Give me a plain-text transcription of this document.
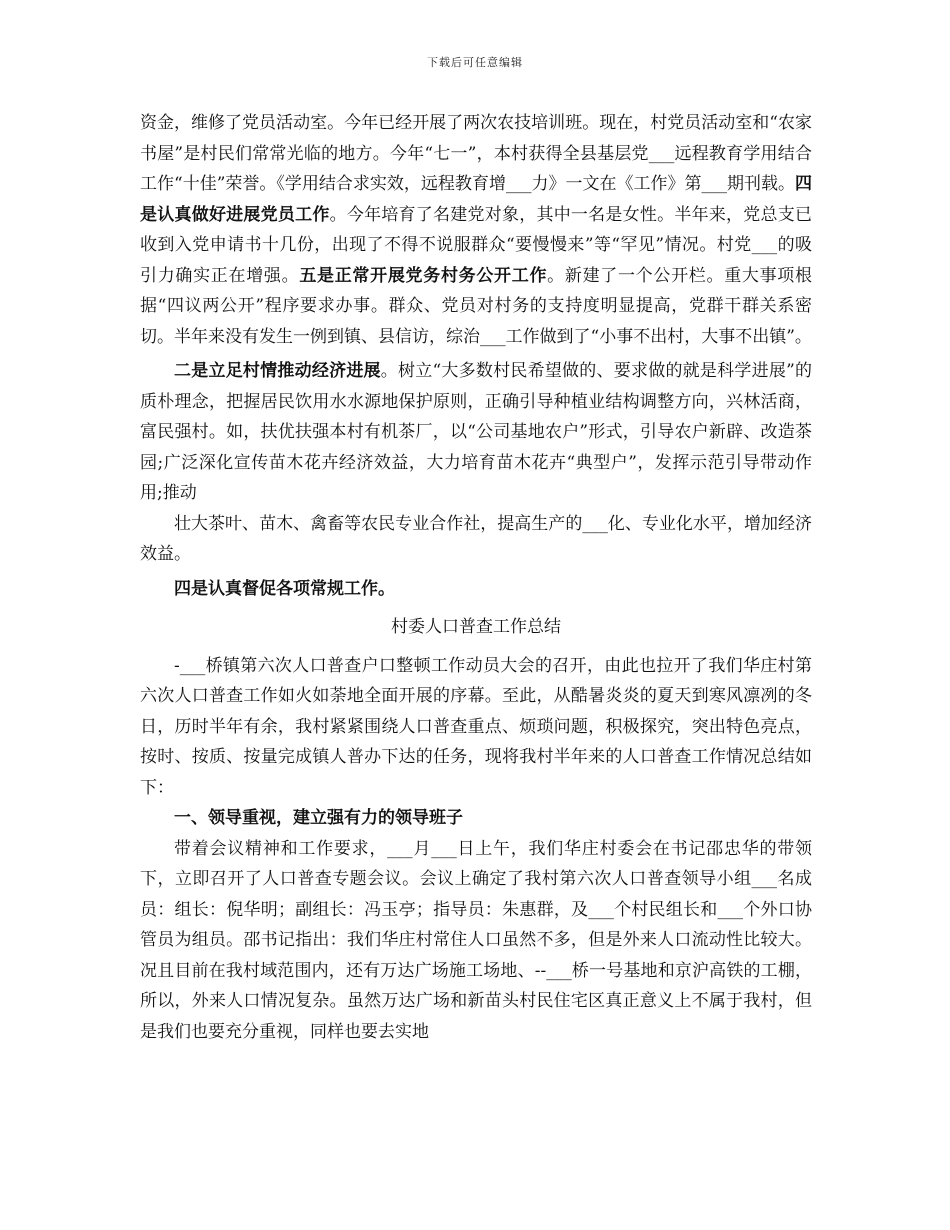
下载后可任意编辑

资金，维修了党员活动室。今年已经开展了两次农技培训班。现在，村党员活动室和“农家书屋”是村民们常常光临的地方。今年“七一”，本村获得全县基层党___远程教育学用结合工作“十佳”荣誉。《学用结合求实效，远程教育增___力》一文在《工作》第___期刊载。四是认真做好进展党员工作。今年培育了名建党对象，其中一名是女性。半年来，党总支已收到入党申请书十几份，出现了不得不说服群众“要慢慢来”等“罕见”情况。村党___的吸引力确实正在增强。五是正常开展党务村务公开工作。新建了一个公开栏。重大事项根据“四议两公开”程序要求办事。群众、党员对村务的支持度明显提高，党群干群关系密切。半年来没有发生一例到镇、县信访，综治___工作做到了“小事不出村，大事不出镇”。

二是立足村情推动经济进展。树立“大多数村民希望做的、要求做的就是科学进展”的质朴理念，把握居民饮用水水源地保护原则，正确引导种植业结构调整方向，兴林活商，富民强村。如，扶优扶强本村有机茶厂，以“公司基地农户”形式，引导农户新辟、改造茶园;广泛深化宣传苗木花卉经济效益，大力培育苗木花卉“典型户”，发挥示范引导带动作用;推动

壮大茶叶、苗木、禽畜等农民专业合作社，提高生产的___化、专业化水平，增加经济效益。

四是认真督促各项常规工作。

村委人口普查工作总结

-___桥镇第六次人口普查户口整顿工作动员大会的召开，由此也拉开了我们华庄村第六次人口普查工作如火如荼地全面开展的序幕。至此，从酷暑炎炎的夏天到寒风凛冽的冬日，历时半年有余，我村紧紧围绕人口普查重点、烦琐问题，积极探究，突出特色亮点，按时、按质、按量完成镇人普办下达的任务，现将我村半年来的人口普查工作情况总结如下：

一、领导重视，建立强有力的领导班子

带着会议精神和工作要求，___月___日上午，我们华庄村委会在书记邵忠华的带领下，立即召开了人口普查专题会议。会议上确定了我村第六次人口普查领导小组___名成员：组长：倪华明；副组长：冯玉亭；指导员：朱惠群，及___个村民组长和___个外口协管员为组员。邵书记指出：我们华庄村常住人口虽然不多，但是外来人口流动性比较大。况且目前在我村域范围内，还有万达广场施工场地、--___桥一号基地和京沪高铁的工棚，所以，外来人口情况复杂。虽然万达广场和新苗头村民住宅区真正意义上不属于我村，但是我们也要充分重视，同样也要去实地
